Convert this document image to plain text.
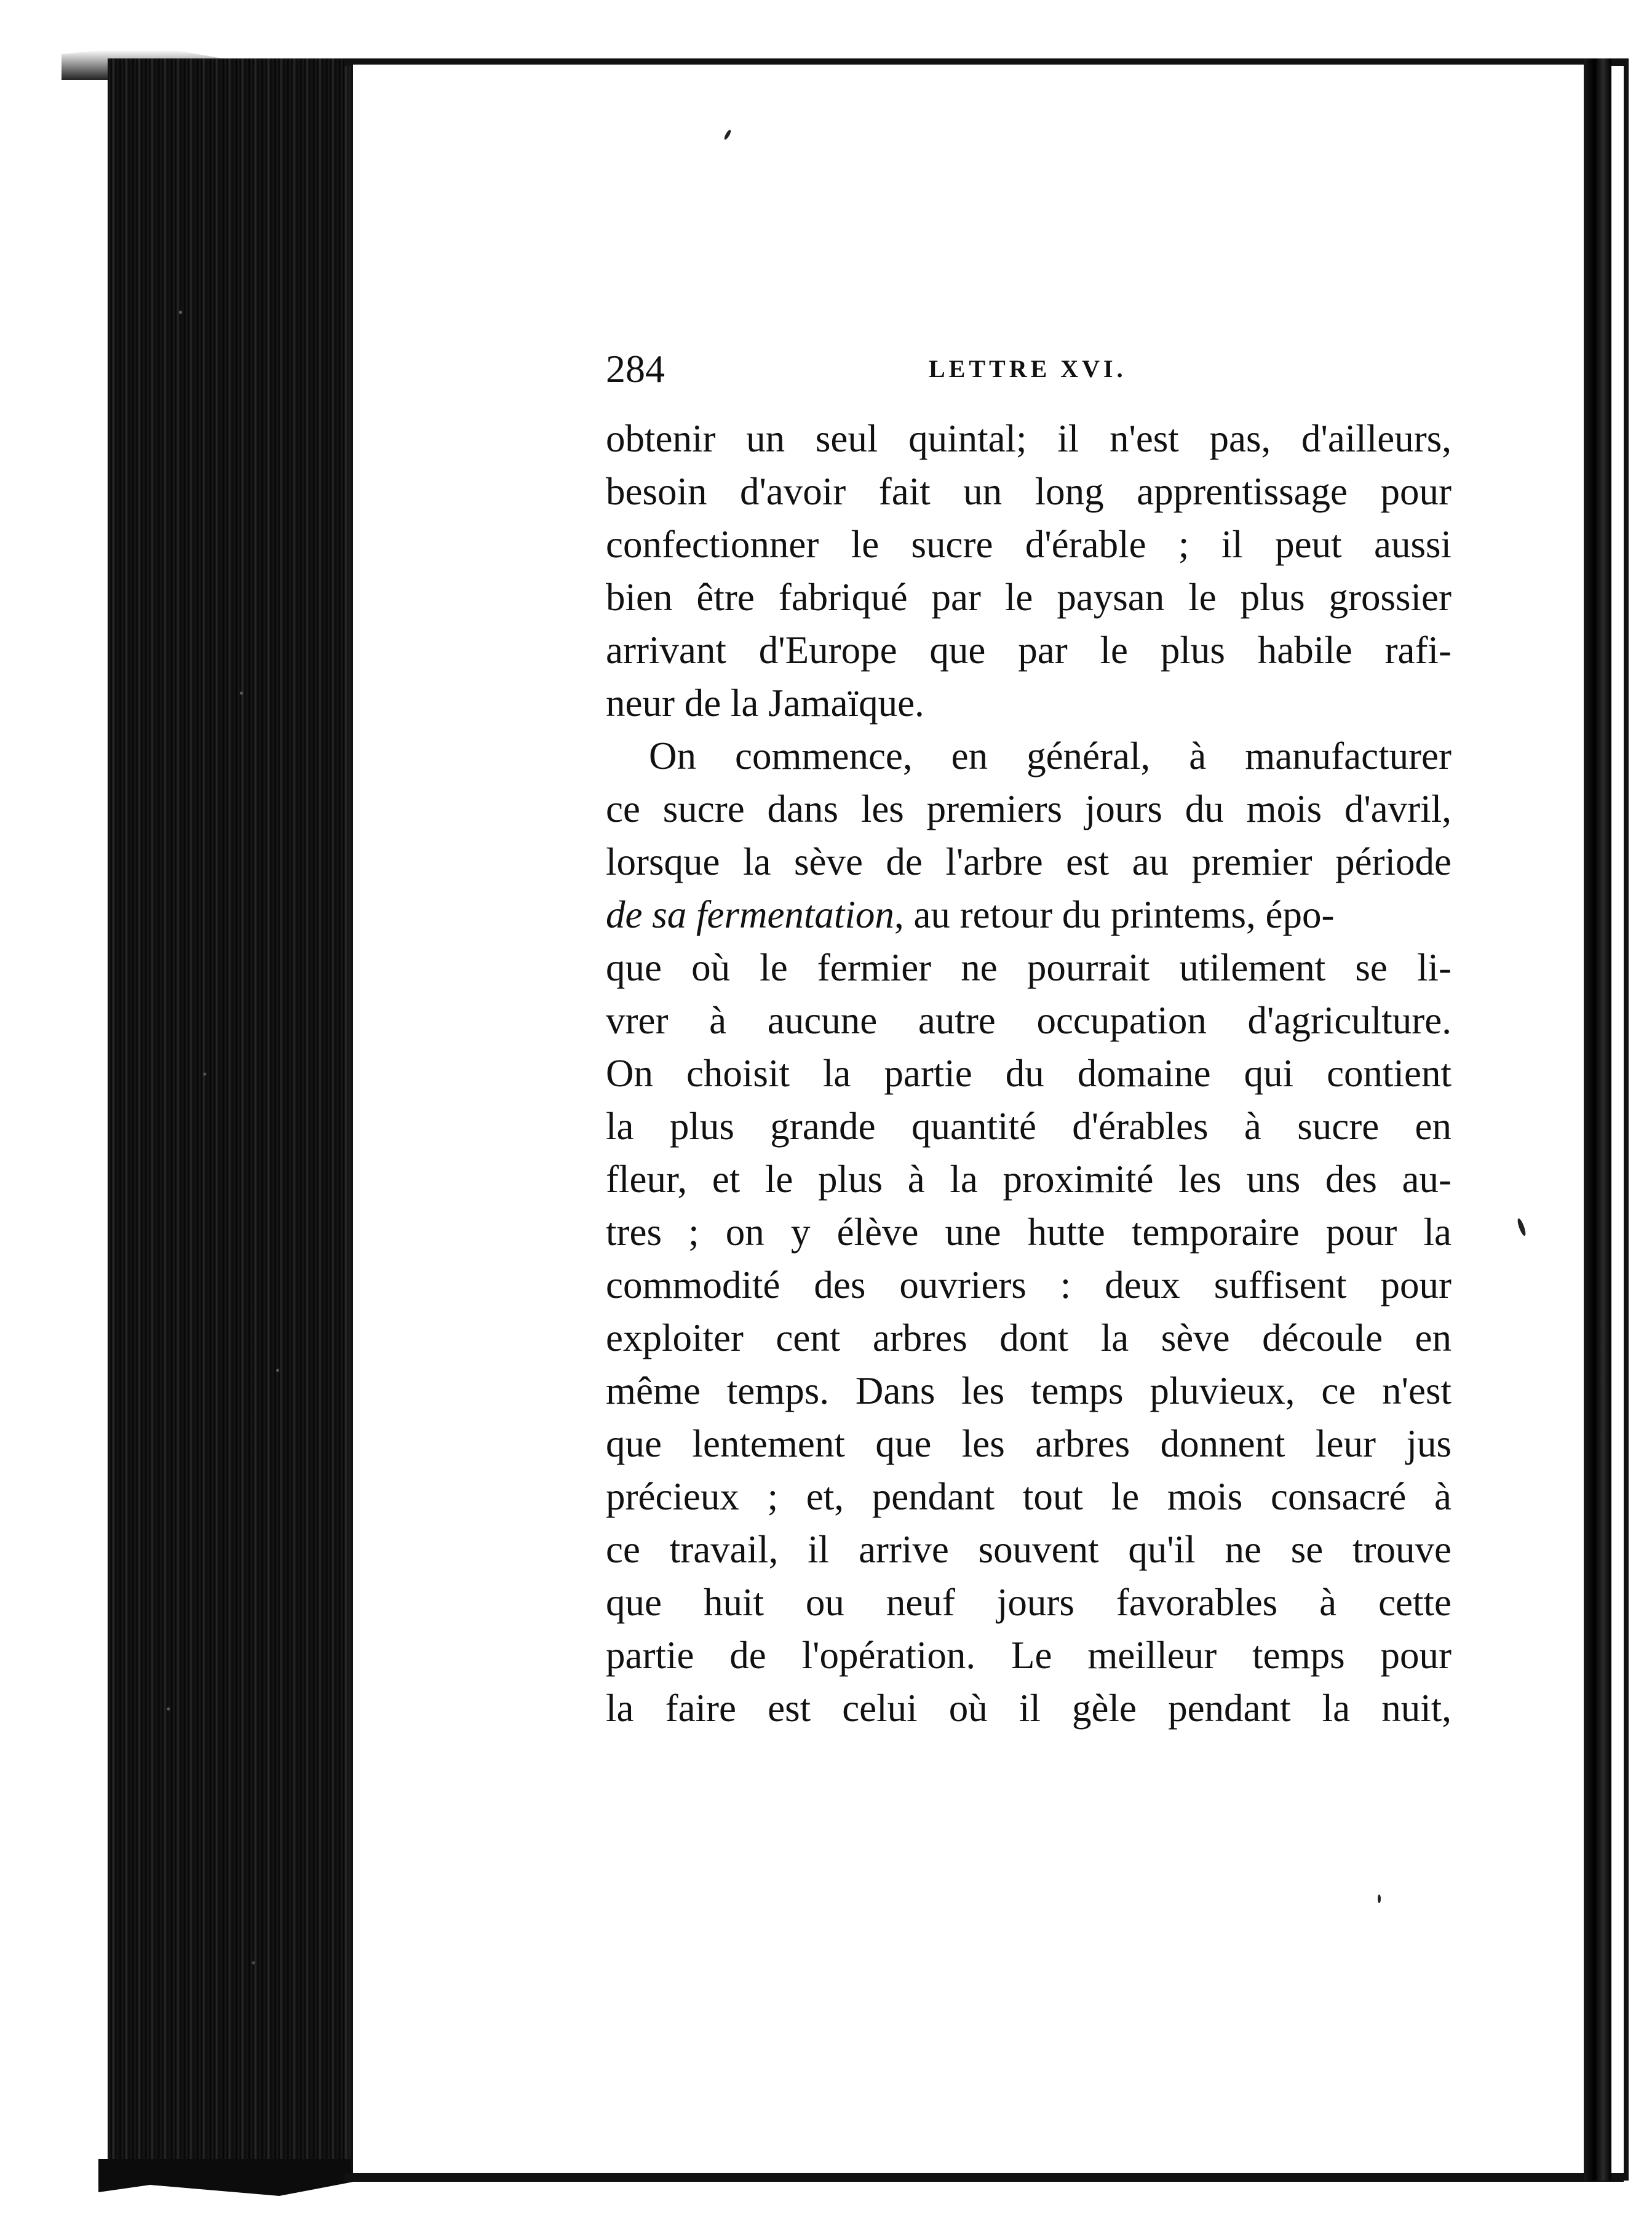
284	LETTRE XVI.
obtenir un seul quintal; il n'est pas, d'ailleurs,
besoin d'avoir fait un long apprentissage pour
confectionner le sucre d'érable ; il peut aussi
bien être fabriqué par le paysan le plus grossier
arrivant d'Europe que par le plus habile rafi-
neur de la Jamaïque.
On commence, en général, à manufacturer
ce sucre dans les premiers jours du mois d'avril,
lorsque la sève de l'arbre est au premier période
de sa fermentation, au retour du printems, épo-
que où le fermier ne pourrait utilement se li-
vrer à aucune autre occupation d'agriculture.
On choisit la partie du domaine qui contient
la plus grande quantité d'érables à sucre en
fleur, et le plus à la proximité les uns des au-
tres ; on y élève une hutte temporaire pour la
commodité des ouvriers : deux suffisent pour
exploiter cent arbres dont la sève découle en
même temps. Dans les temps pluvieux, ce n'est
que lentement que les arbres donnent leur jus
précieux ; et, pendant tout le mois consacré à
ce travail, il arrive souvent qu'il ne se trouve
que huit ou neuf jours favorables à cette
partie de l'opération. Le meilleur temps pour
la faire est celui où il gèle pendant la nuit,
